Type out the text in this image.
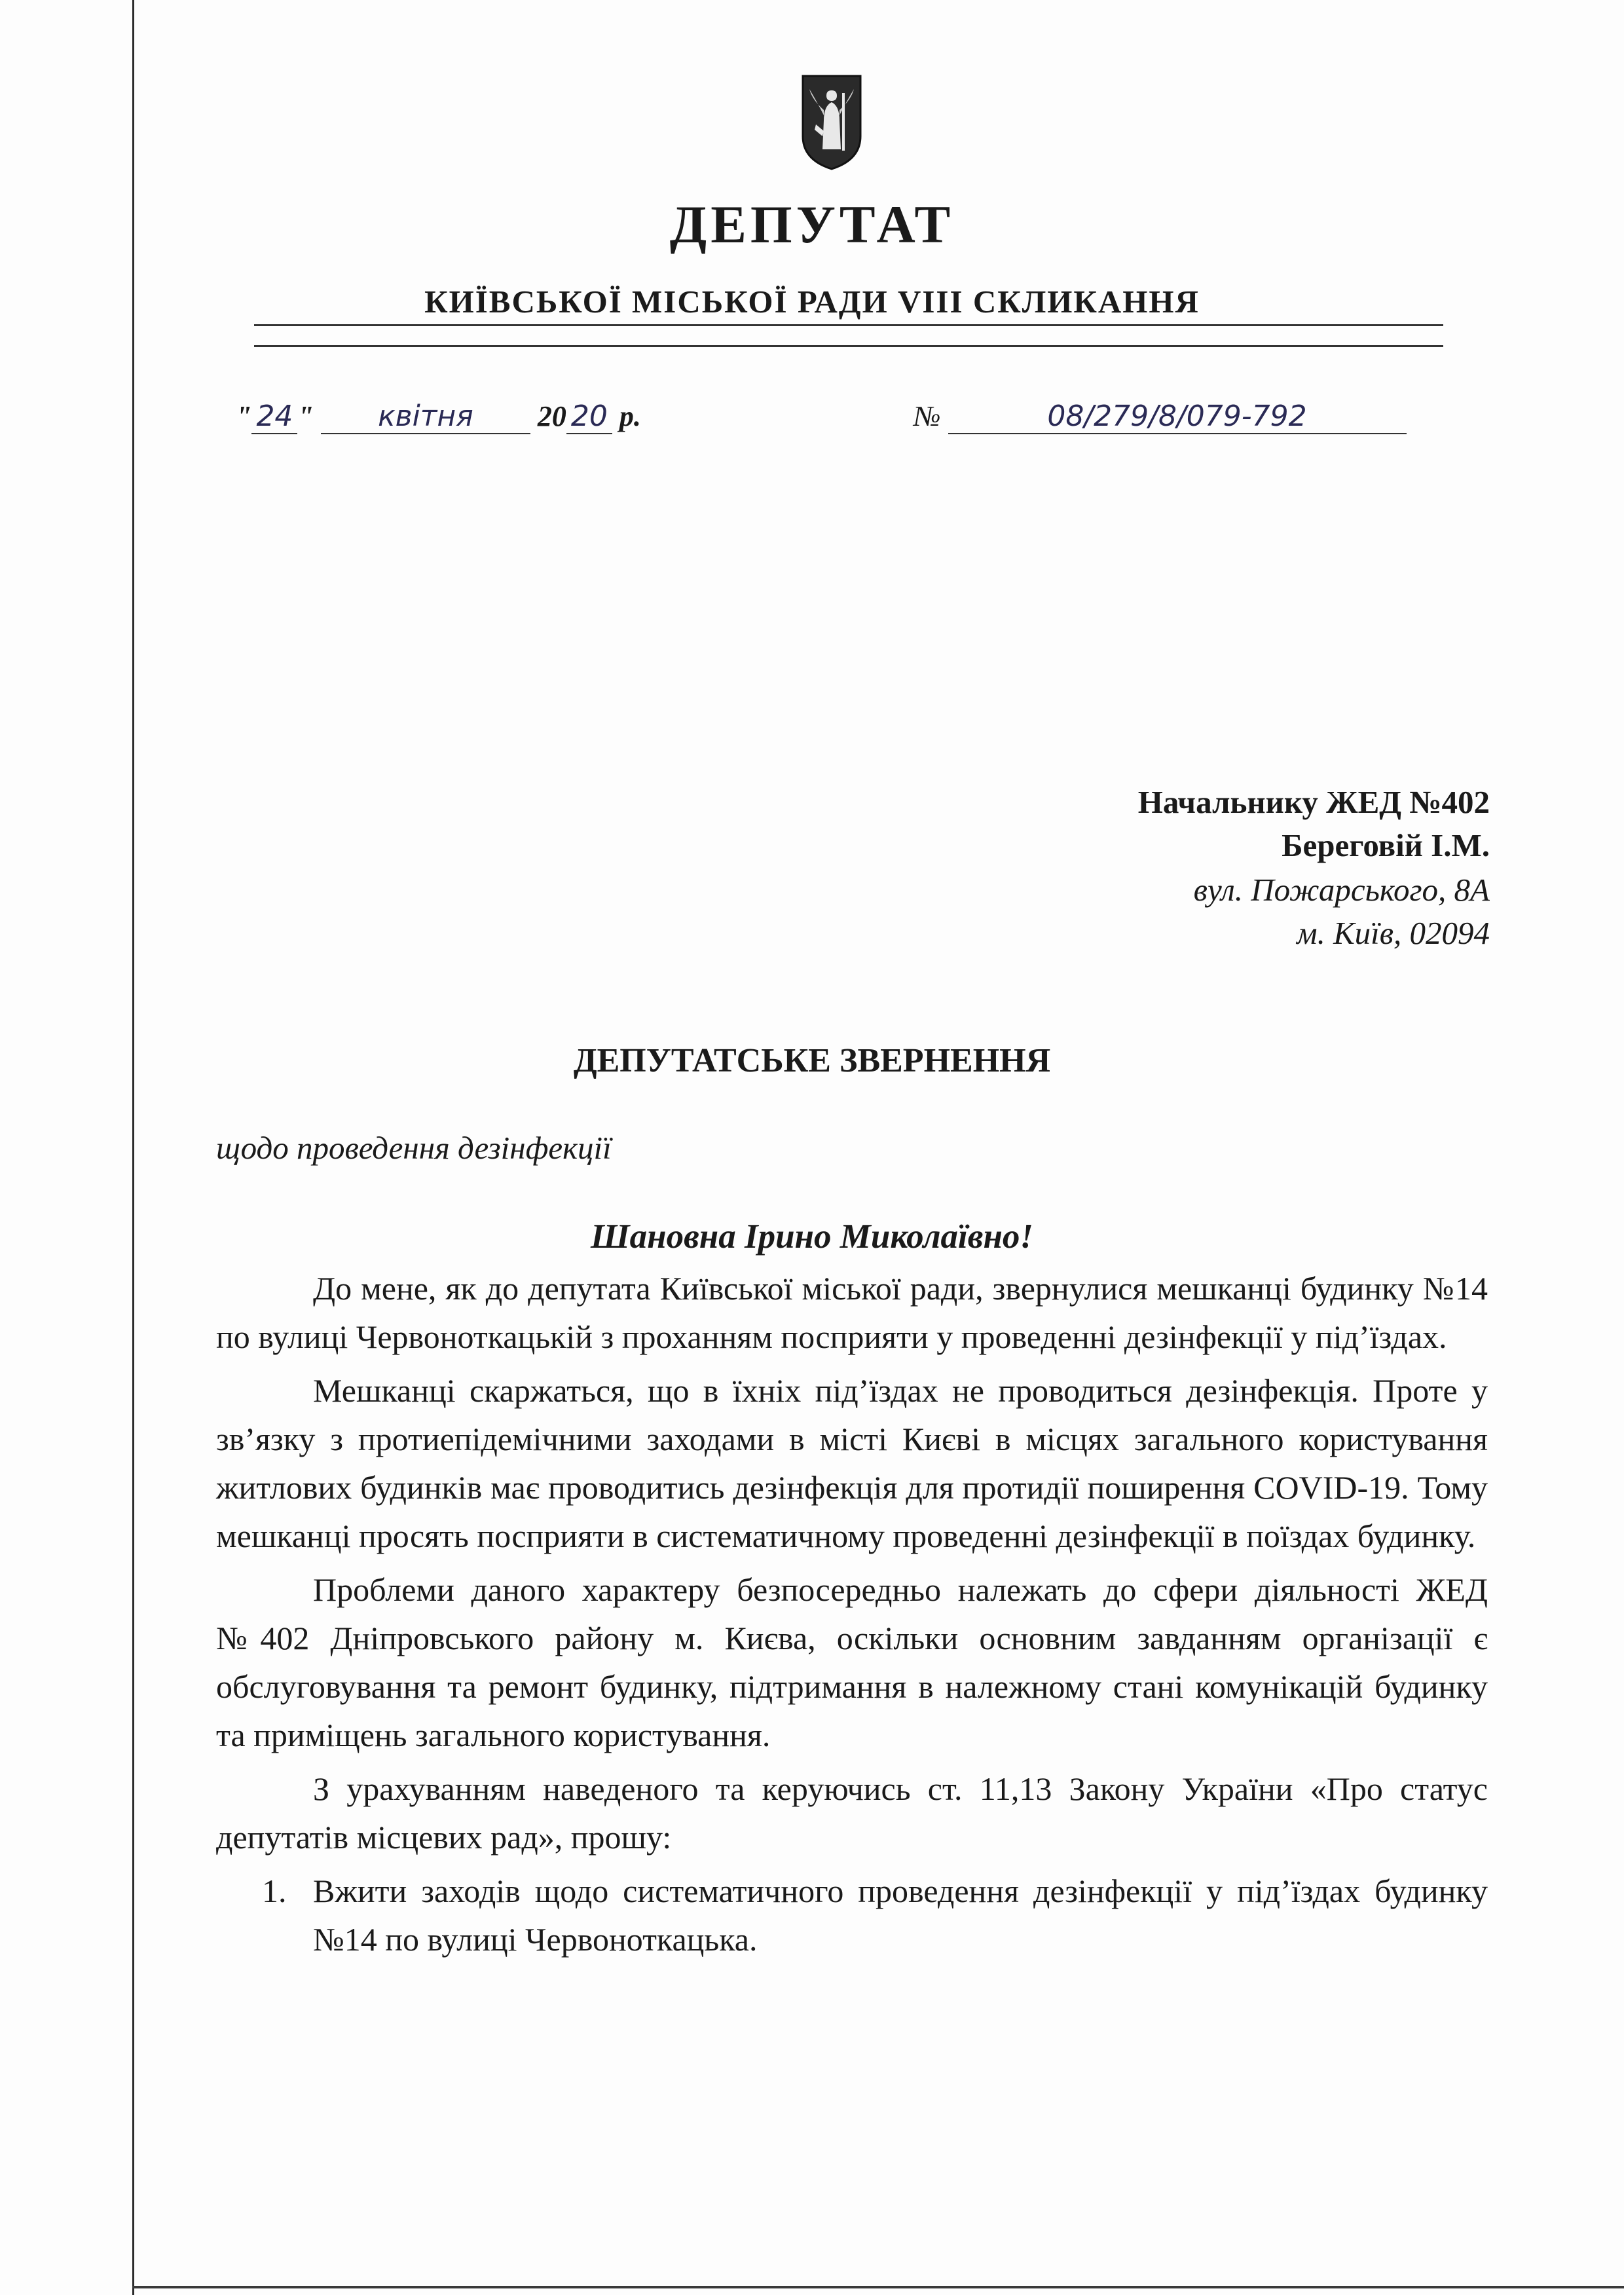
ДЕПУТАТ
КИЇВСЬКОЇ МІСЬКОЇ РАДИ VIII СКЛИКАННЯ
" 24 " квітня 20 20 р.	№	08/279/8/079-792
Начальнику ЖЕД №402
Береговій І.М.
вул. Пожарського, 8А
м. Київ, 02094
ДЕПУТАТСЬКЕ ЗВЕРНЕННЯ
щодо проведення дезінфекції
Шановна Ірино Миколаївно!

До мене, як до депутата Київської міської ради, звернулися мешканці будинку №14 по вулиці Червоноткацькій з проханням посприяти у проведенні дезінфекції у під’їздах.

Мешканці скаржаться, що в їхніх під’їздах не проводиться дезінфекція. Проте у зв’язку з протиепідемічними заходами в місті Києві в місцях загального користування житлових будинків має проводитись дезінфекція для протидії поширення COVID-19. Тому мешканці просять посприяти в систематичному проведенні дезінфекції в поїздах будинку.

Проблеми даного характеру безпосередньо належать до сфери діяльності ЖЕД №402 Дніпровського району м. Києва, оскільки основним завданням організації є обслуговування та ремонт будинку, підтримання в належному стані комунікацій будинку та приміщень загального користування.

З урахуванням наведеного та керуючись ст. 11,13 Закону України «Про статус депутатів місцевих рад», прошу:

1. Вжити заходів щодо систематичного проведення дезінфекції у під’їздах будинку №14 по вулиці Червоноткацька.
